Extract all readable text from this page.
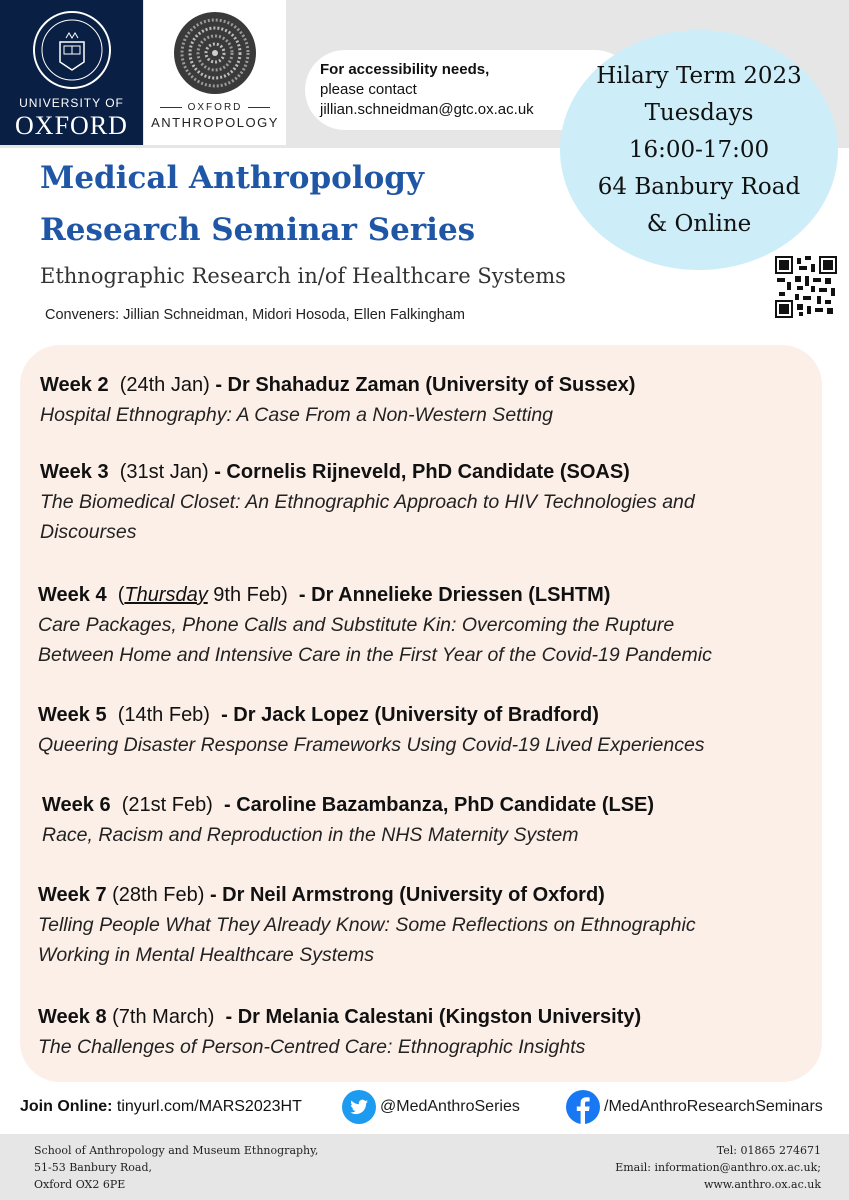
UNIVERSITY OF
OXFORD
OXFORD
ANTHROPOLOGY
For accessibility needs,
please contact
jillian.schneidman@gtc.ox.ac.uk
Hilary Term 2023
Tuesdays
16:00-17:00
64 Banbury Road
& Online
Medical Anthropology
Research Seminar Series
Ethnographic Research in/of Healthcare Systems
Conveners: Jillian Schneidman, Midori Hosoda, Ellen Falkingham
Week 2 (24th Jan) - Dr Shahaduz Zaman (University of Sussex)
Hospital Ethnography: A Case From a Non-Western Setting
Week 3 (31st Jan) - Cornelis Rijneveld, PhD Candidate (SOAS)
The Biomedical Closet: An Ethnographic Approach to HIV Technologies and
Discourses
Week 4 (Thursday 9th Feb) - Dr Annelieke Driessen (LSHTM)
Care Packages, Phone Calls and Substitute Kin: Overcoming the Rupture
Between Home and Intensive Care in the First Year of the Covid-19 Pandemic
Week 5 (14th Feb) - Dr Jack Lopez (University of Bradford)
Queering Disaster Response Frameworks Using Covid-19 Lived Experiences
Week 6 (21st Feb) - Caroline Bazambanza, PhD Candidate (LSE)
Race, Racism and Reproduction in the NHS Maternity System
Week 7 (28th Feb) - Dr Neil Armstrong (University of Oxford)
Telling People What They Already Know: Some Reflections on Ethnographic
Working in Mental Healthcare Systems
Week 8 (7th March) - Dr Melania Calestani (Kingston University)
The Challenges of Person-Centred Care: Ethnographic Insights
Join Online: tinyurl.com/MARS2023HT	@MedAnthroSeries	/MedAnthroResearchSeminars
School of Anthropology and Museum Ethnography,
51-53 Banbury Road,
Oxford OX2 6PE
Tel: 01865 274671
Email: information@anthro.ox.ac.uk;
www.anthro.ox.ac.uk
